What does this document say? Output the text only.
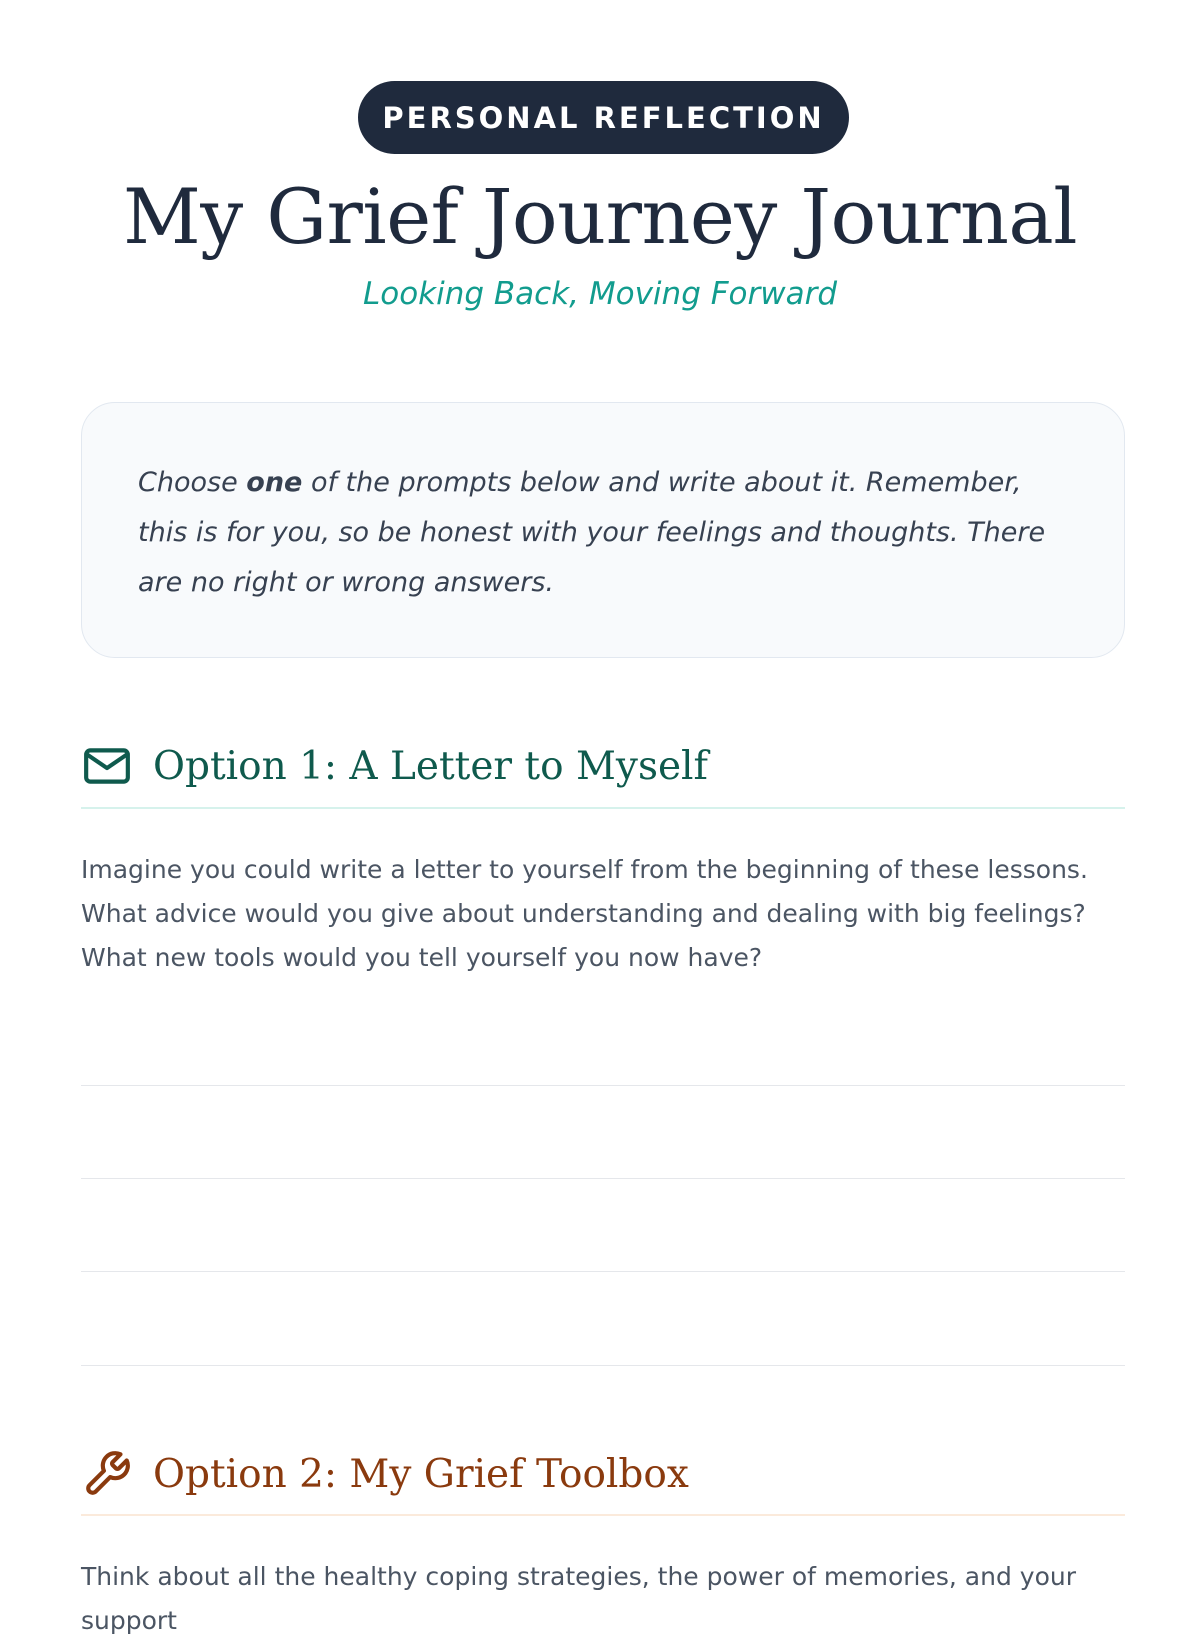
PERSONAL REFLECTION
My Grief Journey Journal
Looking Back, Moving Forward
Choose one of the prompts below and write about it. Remember, this is for you, so be honest with your feelings and thoughts. There are no right or wrong answers.
Option 1: A Letter to Myself
Imagine you could write a letter to yourself from the beginning of these lessons. What advice would you give about understanding and dealing with big feelings? What new tools would you tell yourself you now have?
Option 2: My Grief Toolbox
Think about all the healthy coping strategies, the power of memories, and your support
